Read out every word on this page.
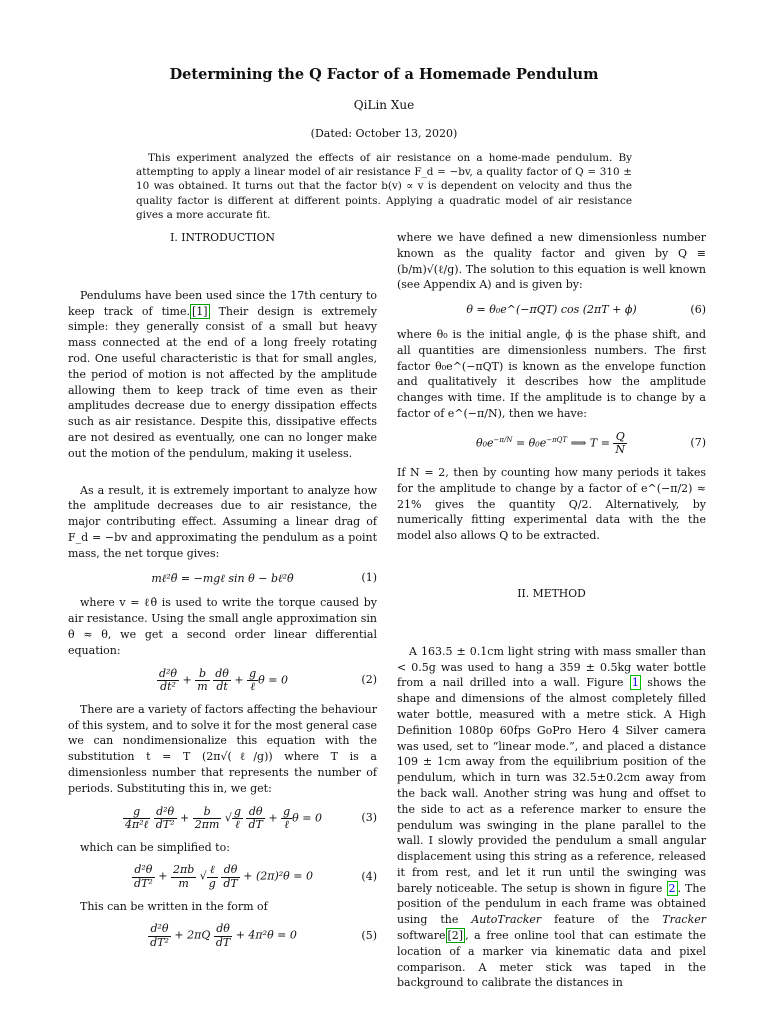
Determining the Q Factor of a Homemade Pendulum
QiLin Xue
(Dated: October 13, 2020)
This experiment analyzed the effects of air resistance on a home-made pendulum. By attempting to apply a linear model of air resistance F_d = −bv, a quality factor of Q = 310 ± 10 was obtained. It turns out that the factor b(v) ∝ v is dependent on velocity and thus the quality factor is different at different points. Applying a quadratic model of air resistance gives a more accurate fit.
I. INTRODUCTION

Pendulums have been used since the 17th century to keep track of time. [1] Their design is extremely simple: they generally consist of a small but heavy mass connected at the end of a long freely rotating rod. One useful characteristic is that for small angles, the period of motion is not affected by the amplitude allowing them to keep track of time even as their amplitudes decrease due to energy dissipation effects such as air resistance. Despite this, dissipative effects are not desired as eventually, one can no longer make out the motion of the pendulum, making it useless.

As a result, it is extremely important to analyze how the amplitude decreases due to air resistance, the major contributing effect. Assuming a linear drag of F_d = −bv and approximating the pendulum as a point mass, the net torque gives:

mℓ²θ̈ = −mgℓ sin θ − bℓ²θ̇	(1)

where v = ℓθ̇ is used to write the torque caused by air resistance. Using the small angle approximation sin θ ≈ θ, we get a second order linear differential equation:

$\frac{\text{d²θ}}{\text{dt²}} + \frac{b}{m}$
$\frac{d\theta}{dt} + \frac{g}{\text{ℓ}}$ θ = 0	(2)

There are a variety of factors affecting the behaviour of this system, and to solve it for the most general case we can nondimensionalize this equation with the substitution t = T (2π√(ℓ/g)) where T is a dimensionless number that represents the number of periods. Substituting this in, we get:

$\frac{g}{\text{4π²ℓ}}$
$\frac{\text{d²θ}}{\text{dT²}} + \frac{b}{2\pi m}$ √ $\frac{g}{\text{ℓ}}$
$\frac{d\theta}{dT} + \frac{g}{\text{ℓ}}$ θ = 0	(3)

which can be simplified to:

$\frac{\text{d²θ}}{\text{dT²}} + \frac{2\pi b}{m}$ √ $\frac{\text{ℓ}}{g}$
$\frac{d\theta}{dT} + (2\pi)^2\theta = 0$	(4)

This can be written in the form of

$\frac{\text{d²θ}}{\text{dT²}} + 2\pi Q \frac{d\theta}{dT} + 4\pi^2\theta = 0$	(5)

where we have defined a new dimensionless number known as the quality factor and given by Q ≡ (b/m)√(ℓ/g). The solution to this equation is well known (see Appendix A) and is given by:

θ = θ₀e^(−πQT) cos (2πT + ϕ)	(6)

where θ₀ is the initial angle, ϕ is the phase shift, and all quantities are dimensionless numbers. The first factor θ₀e^(−πQT) is known as the envelope function and qualitatively it describes how the amplitude changes with time. If the amplitude is to change by a factor of e^(−π/N), then we have:

$\theta_0e^{-\pi/N} = \theta_0e^{-\pi QT}$ ⟹ $T = \frac{Q}{N}$	(7)

If N = 2, then by counting how many periods it takes for the amplitude to change by a factor of e^(−π/2) ≈ 21% gives the quantity Q/2. Alternatively, by numerically fitting experimental data with the the model also allows Q to be extracted.

II. METHOD

A 163.5 ± 0.1cm light string with mass smaller than < 0.5g was used to hang a 359 ± 0.5kg water bottle from a nail drilled into a wall. Figure 1 shows the shape and dimensions of the almost completely filled water bottle, measured with a metre stick. A High Definition 1080p 60fps GoPro Hero 4 Silver camera was used, set to “linear mode.”, and placed a distance 109 ± 1cm away from the equilibrium position of the pendulum, which in turn was 32.5±0.2cm away from the back wall. Another string was hung and offset to the side to act as a reference marker to ensure the pendulum was swinging in the plane parallel to the wall. I slowly provided the pendulum a small angular displacement using this string as a reference, released it from rest, and let it run until the swinging was barely noticeable. The setup is shown in figure 2 . The position of the pendulum in each frame was obtained using the AutoTracker feature of the Tracker software [2] , a free online tool that can estimate the location of a marker via kinematic data and pixel comparison. A meter stick was taped in the background to calibrate the distances in
